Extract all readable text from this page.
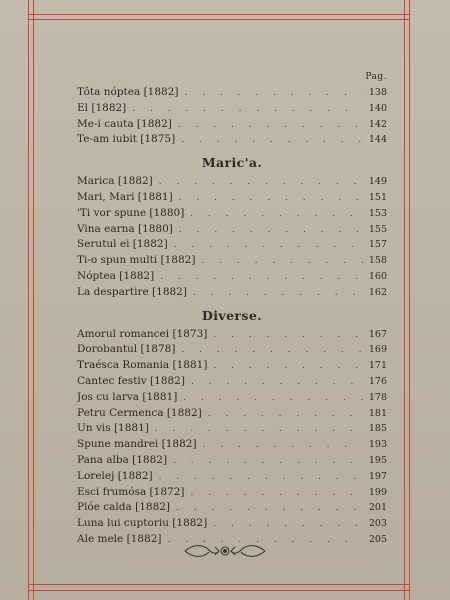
Pag.
Tôta nóptea [1882] . . .	138
El [1882] . . .	140
Me-i cauta [1882] . . .	142
Te-am iubit [1875] . . .	144
Maric'a.
Marica [1882] . . .	149
Mari, Mari [1881] . . .	151
'Ti vor spune [1880] . . .	153
Vina earna [1880] . . .	155
Serutul ei [1882] . . .	157
Ti-o spun multi [1882] . . .	158
Nóptea [1882] . . .	160
La despartire [1882] . . .	162
Diverse.
Amorul romancei [1873] . . .	167
Dorobantul [1878] . . .	169
Traésca Romania [1881] . . .	171
Cantec festiv [1882] . . .	176
Jos cu larva [1881] . . .	178
Petru Cermenca [1882] . . .	181
Un vis [1881] . . .	185
Spune mandrei [1882] . . .	193
Pana alba [1882] . . .	195
Lorelej [1882] . . .	197
Esci frumósa [1872] . . .	199
Plóe calda [1882] . . .	201
Luna lui cuptoriu [1882] . . .	203
Ale mele [1882] . . .	205
